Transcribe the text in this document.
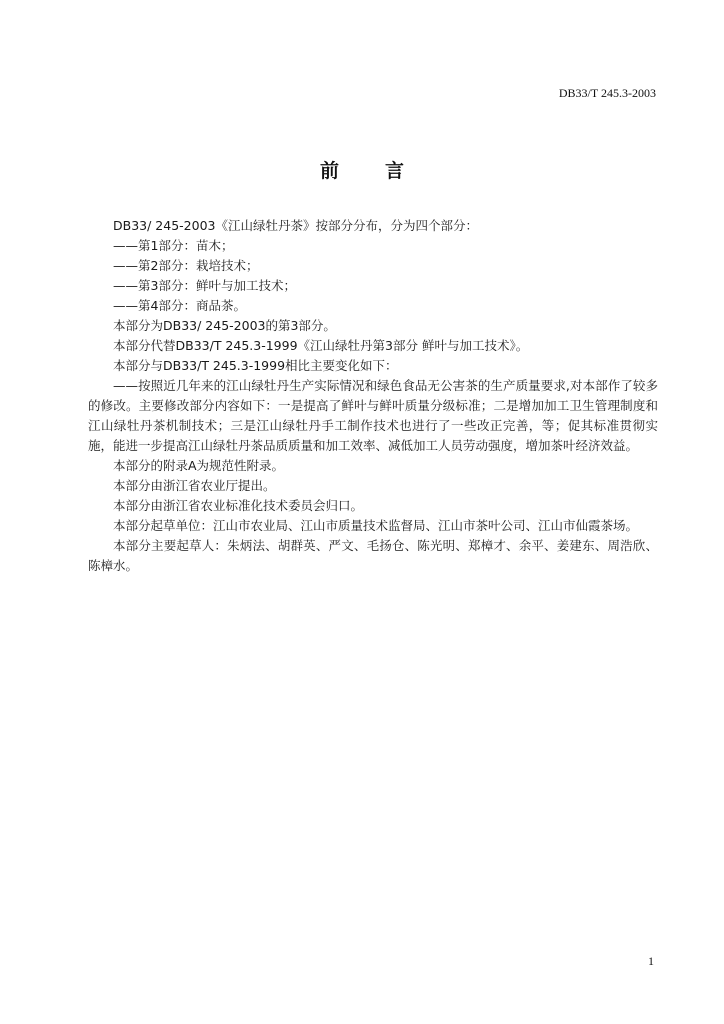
DB33/T 245.3-2003
前 言

DB33/ 245-2003《江山绿牡丹茶》按部分分布，分为四个部分：

——第1部分：苗木；

——第2部分：栽培技术；

——第3部分：鲜叶与加工技术；

——第4部分：商品茶。

本部分为DB33/ 245-2003的第3部分。

本部分代替DB33/T 245.3-1999《江山绿牡丹第3部分 鲜叶与加工技术》。

本部分与DB33/T 245.3-1999相比主要变化如下：

——按照近几年来的江山绿牡丹生产实际情况和绿色食品无公害茶的生产质量要求,对本部作了较多的修改。主要修改部分内容如下：一是提高了鲜叶与鲜叶质量分级标准；二是增加加工卫生管理制度和江山绿牡丹茶机制技术；三是江山绿牡丹手工制作技术也进行了一些改正完善，等；促其标准贯彻实施，能进一步提高江山绿牡丹茶品质质量和加工效率、减低加工人员劳动强度，增加茶叶经济效益。

本部分的附录A为规范性附录。

本部分由浙江省农业厅提出。

本部分由浙江省农业标准化技术委员会归口。

本部分起草单位：江山市农业局、江山市质量技术监督局、江山市茶叶公司、江山市仙霞茶场。

本部分主要起草人：朱炳法、胡群英、严文、毛扬仓、陈光明、郑樟才、余平、姜建东、周浩欣、陈樟水。

1
